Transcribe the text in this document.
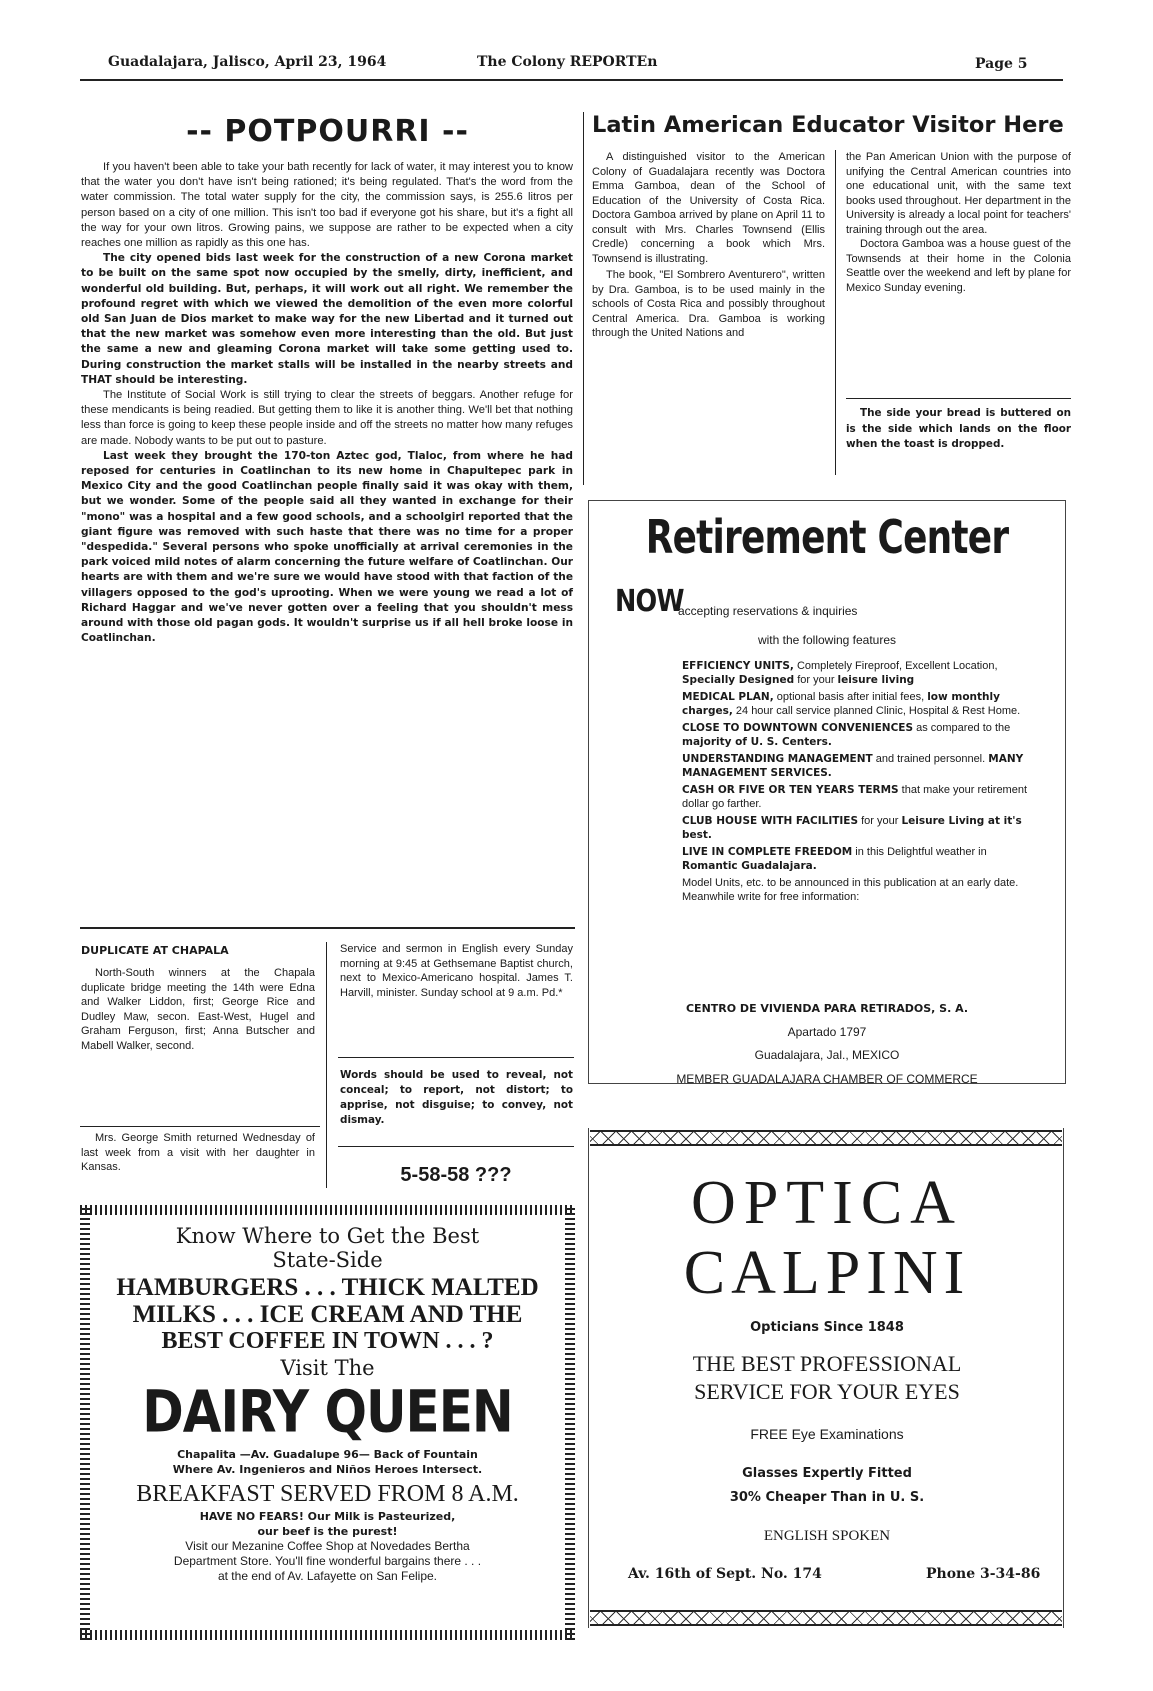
Guadalajara, Jalisco, April 23, 1964	The Colony REPORTEn	Page 5
-- POTPOURRI --

If you haven't been able to take your bath recently for lack of water, it may interest you to know that the water you don't have isn't being rationed; it's being regulated. That's the word from the water commission. The total water supply for the city, the commission says, is 255.6 litros per person based on a city of one million. This isn't too bad if everyone got his share, but it's a fight all the way for your own litros. Growing pains, we suppose are rather to be expected when a city reaches one million as rapidly as this one has.

The city opened bids last week for the construction of a new Corona market to be built on the same spot now occupied by the smelly, dirty, inefficient, and wonderful old building. But, perhaps, it will work out all right. We remember the profound regret with which we viewed the demolition of the even more colorful old San Juan de Dios market to make way for the new Libertad and it turned out that the new market was somehow even more interesting than the old. But just the same a new and gleaming Corona market will take some getting used to. During construction the market stalls will be installed in the nearby streets and THAT should be interesting.

The Institute of Social Work is still trying to clear the streets of beggars. Another refuge for these mendicants is being readied. But getting them to like it is another thing. We'll bet that nothing less than force is going to keep these people inside and off the streets no matter how many refuges are made. Nobody wants to be put out to pasture.

Last week they brought the 170-ton Aztec god, Tlaloc, from where he had reposed for centuries in Coatlinchan to its new home in Chapultepec park in Mexico City and the good Coatlinchan people finally said it was okay with them, but we wonder. Some of the people said all they wanted in exchange for their "mono" was a hospital and a few good schools, and a schoolgirl reported that the giant figure was removed with such haste that there was no time for a proper "despedida." Several persons who spoke unofficially at arrival ceremonies in the park voiced mild notes of alarm concerning the future welfare of Coatlinchan. Our hearts are with them and we're sure we would have stood with that faction of the villagers opposed to the god's uprooting. When we were young we read a lot of Richard Haggar and we've never gotten over a feeling that you shouldn't mess around with those old pagan gods. It wouldn't surprise us if all hell broke loose in Coatlinchan.

DUPLICATE AT CHAPALA

North-South winners at the Chapala duplicate bridge meeting the 14th were Edna and Walker Liddon, first; George Rice and Dudley Maw, secon. East-West, Hugel and Graham Ferguson, first; Anna Butscher and Mabell Walker, second.

Mrs. George Smith returned Wednesday of last week from a visit with her daughter in Kansas.

Service and sermon in English every Sunday morning at 9:45 at Gethsemane Baptist church, next to Mexico-Americano hospital. James T. Harvill, minister. Sunday school at 9 a.m. Pd.*

Words should be used to reveal, not conceal; to report, not distort; to apprise, not disguise; to convey, not dismay.
5-58-58 ???
Know Where to Get the Best
State-Side
HAMBURGERS . . . THICK MALTED
MILKS . . . ICE CREAM AND THE
BEST COFFEE IN TOWN . . . ?
Visit The
DAIRY QUEEN
Chapalita —Av. Guadalupe 96— Back of Fountain
Where Av. Ingenieros and Niños Heroes Intersect.
BREAKFAST SERVED FROM 8 A.M.
HAVE NO FEARS! Our Milk is Pasteurized,
our beef is the purest!
Visit our Mezanine Coffee Shop at Novedades Bertha
Department Store. You'll fine wonderful bargains there . . .
at the end of Av. Lafayette on San Felipe.
Latin American Educator Visitor Here

A distinguished visitor to the American Colony of Guadalajara recently was Doctora Emma Gamboa, dean of the School of Education of the University of Costa Rica. Doctora Gamboa arrived by plane on April 11 to consult with Mrs. Charles Townsend (Ellis Credle) concerning a book which Mrs. Townsend is illustrating.

The book, "El Sombrero Aventurero", written by Dra. Gamboa, is to be used mainly in the schools of Costa Rica and possibly throughout Central America. Dra. Gamboa is working through the United Nations and

the Pan American Union with the purpose of unifying the Central American countries into one educational unit, with the same text books used throughout. Her department in the University is already a local point for teachers' training through out the area.

Doctora Gamboa was a house guest of the Townsends at their home in the Colonia Seattle over the weekend and left by plane for Mexico Sunday evening.

The side your bread is buttered on is the side which lands on the floor when the toast is dropped.
Retirement Center
NOW
accepting reservations & inquiries
with the following features
EFFICIENCY UNITS, Completely Fireproof, Excellent Location, Specially Designed for your leisure living
MEDICAL PLAN, optional basis after initial fees, low monthly charges, 24 hour call service planned Clinic, Hospital & Rest Home.
CLOSE TO DOWNTOWN CONVENIENCES as compared to the majority of U. S. Centers.
UNDERSTANDING MANAGEMENT and trained personnel. MANY MANAGEMENT SERVICES.
CASH OR FIVE OR TEN YEARS TERMS that make your retirement dollar go farther.
CLUB HOUSE WITH FACILITIES for your Leisure Living at it's best.
LIVE IN COMPLETE FREEDOM in this Delightful weather in Romantic Guadalajara.
Model Units, etc. to be announced in this publication at an early date. Meanwhile write for free information:
CENTRO DE VIVIENDA PARA RETIRADOS, S. A.
Apartado 1797
Guadalajara, Jal., MEXICO
MEMBER GUADALAJARA CHAMBER OF COMMERCE
OPTICA
CALPINI
Opticians Since 1848
THE BEST PROFESSIONAL
SERVICE FOR YOUR EYES
FREE Eye Examinations
Glasses Expertly Fitted
30% Cheaper Than in U. S.
ENGLISH SPOKEN
Av. 16th of Sept. No. 174	Phone 3-34-86
